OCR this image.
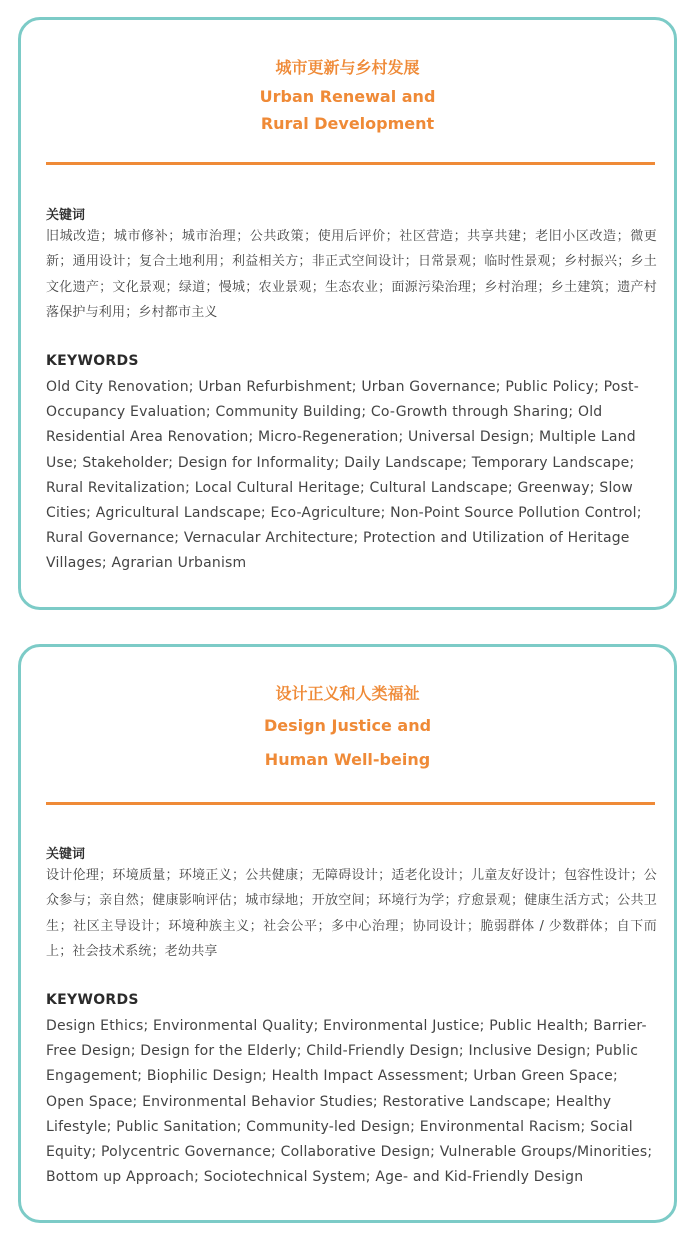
城市更新与乡村发展
Urban Renewal and
Rural Development
关键词
旧城改造；城市修补；城市治理；公共政策；使用后评价；社区营造；共享共建；老旧小区改造；微更新；通用设计；复合土地利用；利益相关方；非正式空间设计；日常景观；临时性景观；乡村振兴；乡土文化遗产；文化景观；绿道；慢城；农业景观；生态农业；面源污染治理；乡村治理；乡土建筑；遗产村落保护与利用；乡村都市主义
KEYWORDS
Old City Renovation; Urban Refurbishment; Urban Governance; Public Policy; Post-Occupancy Evaluation; Community Building; Co-Growth through Sharing; Old Residential Area Renovation; Micro-Regeneration; Universal Design; Multiple Land Use; Stakeholder; Design for Informality; Daily Landscape; Temporary Landscape; Rural Revitalization; Local Cultural Heritage; Cultural Landscape; Greenway; Slow Cities; Agricultural Landscape; Eco-Agriculture; Non-Point Source Pollution Control; Rural Governance; Vernacular Architecture; Protection and Utilization of Heritage Villages; Agrarian Urbanism
设计正义和人类福祉
Design Justice and
Human Well-being
关键词
设计伦理；环境质量；环境正义；公共健康；无障碍设计；适老化设计；儿童友好设计；包容性设计；公众参与；亲自然；健康影响评估；城市绿地；开放空间；环境行为学；疗愈景观；健康生活方式；公共卫生；社区主导设计；环境种族主义；社会公平；多中心治理；协同设计；脆弱群体 / 少数群体；自下而上；社会技术系统；老幼共享
KEYWORDS
Design Ethics; Environmental Quality; Environmental Justice; Public Health; Barrier-Free Design; Design for the Elderly; Child-Friendly Design; Inclusive Design; Public Engagement; Biophilic Design; Health Impact Assessment; Urban Green Space; Open Space; Environmental Behavior Studies; Restorative Landscape; Healthy Lifestyle; Public Sanitation; Community-led Design; Environmental Racism; Social Equity; Polycentric Governance; Collaborative Design; Vulnerable Groups/Minorities; Bottom up Approach; Sociotechnical System; Age- and Kid-Friendly Design
